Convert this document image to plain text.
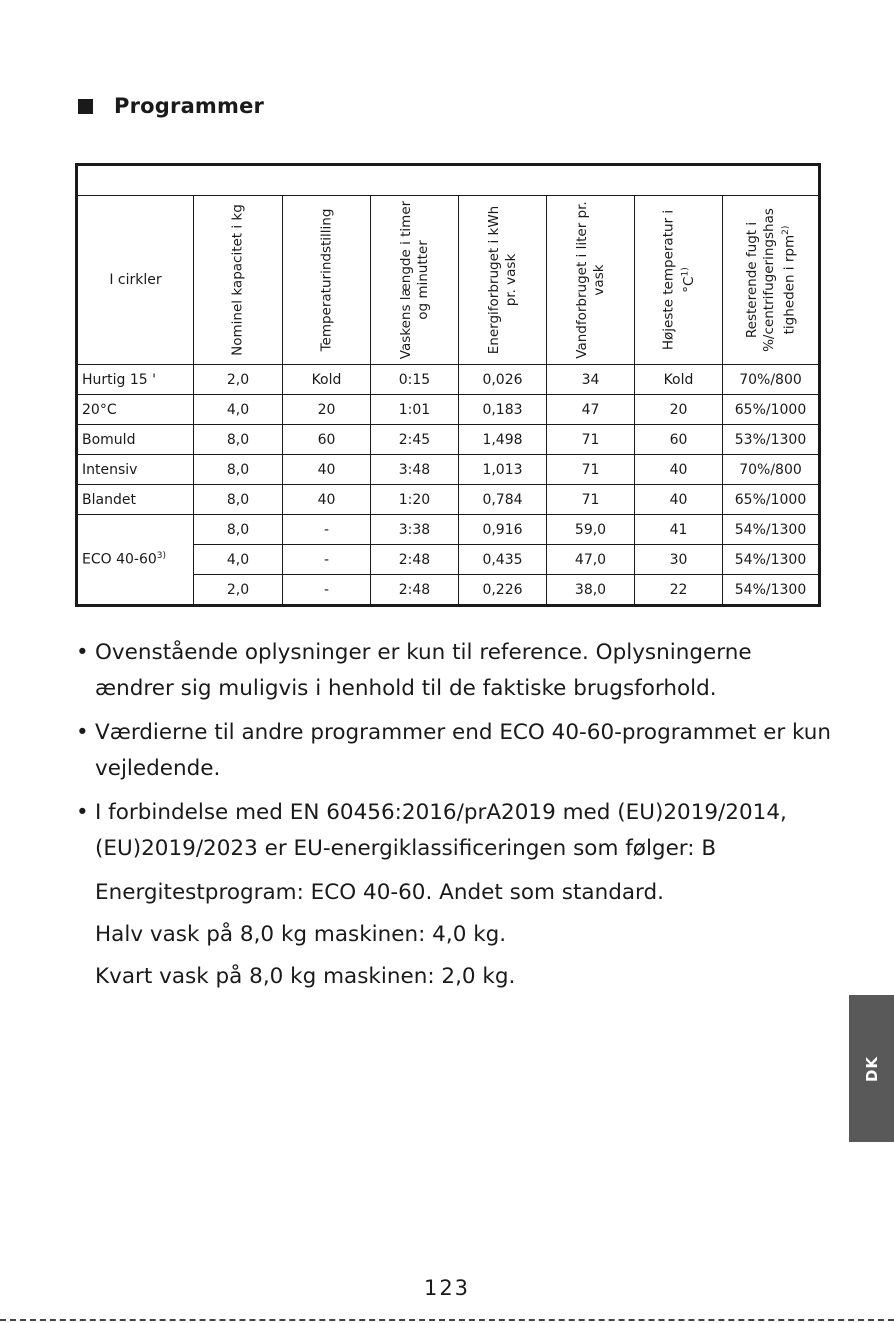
Programmer

I cirkler	Nominel kapacitet i kg	Temperaturindstilling	Vaskens længde i timer og minutter	Energiforbruget i kWh pr. vask	Vandforbruget i liter pr. vask	Højeste temperatur i $^\circ C^{1)}$	Resterende fugt i %/centrifugeringshas tigheden i rpm$^{2)}$

Hurtig 15 '	2,0	Kold	0:15	0,026	34	Kold	70%/800
20°C	4,0	20	1:01	0,183	47	20	65%/1000
Bomuld	8,0	60	2:45	1,498	71	60	53%/1300
Intensiv	8,0	40	3:48	1,013	71	40	70%/800
Blandet	8,0	40	1:20	0,784	71	40	65%/1000
ECO 40-60$^{3)}$	8,0	-	3:38	0,916	59,0	41	54%/1300
	4,0	-	2:48	0,435	47,0	30	54%/1300
	2,0	-	2:48	0,226	38,0	22	54%/1300
• Ovenstående oplysninger er kun til reference. Oplysningerne ændrer sig muligvis i henhold til de faktiske brugsforhold.
• Værdierne til andre programmer end ECO 40-60-programmet er kun vejledende.
• I forbindelse med EN 60456:2016/prA2019 med (EU)2019/2014, (EU)2019/2023 er EU-energiklassificeringen som følger: B
Energitestprogram: ECO 40-60. Andet som standard.
Halv vask på 8,0 kg maskinen: 4,0 kg.
Kvart vask på 8,0 kg maskinen: 2,0 kg.
DK
123
